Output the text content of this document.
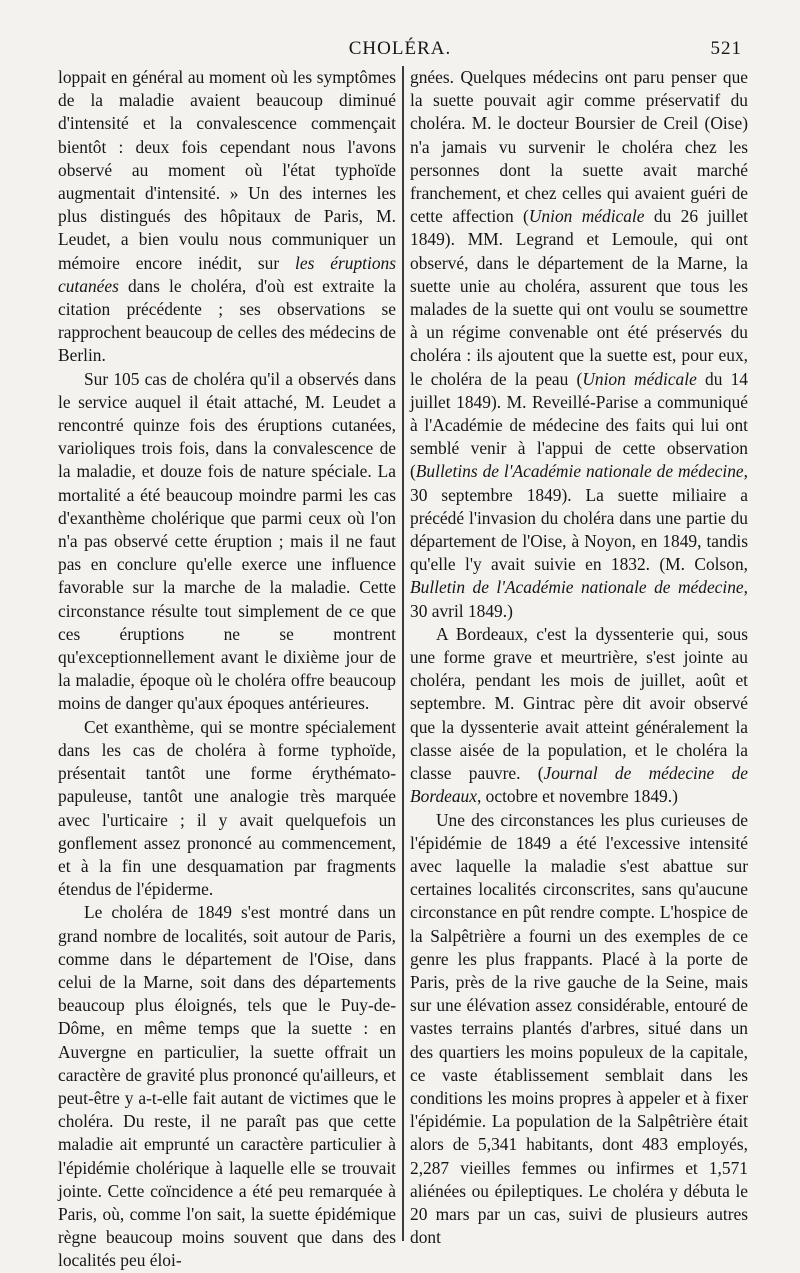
CHOLÉRA.	521

loppait en général au moment où les symptômes de la maladie avaient beaucoup diminué d'intensité et la convalescence commençait bientôt : deux fois cependant nous l'avons observé au moment où l'état typhoïde augmentait d'intensité. » Un des internes les plus distingués des hôpitaux de Paris, M. Leudet, a bien voulu nous communiquer un mémoire encore inédit, sur les éruptions cutanées dans le choléra, d'où est extraite la citation précédente ; ses observations se rapprochent beaucoup de celles des médecins de Berlin.

Sur 105 cas de choléra qu'il a observés dans le service auquel il était attaché, M. Leudet a rencontré quinze fois des éruptions cutanées, varioliques trois fois, dans la convalescence de la maladie, et douze fois de nature spéciale. La mortalité a été beaucoup moindre parmi les cas d'exanthème cholérique que parmi ceux où l'on n'a pas observé cette éruption ; mais il ne faut pas en conclure qu'elle exerce une influence favorable sur la marche de la maladie. Cette circonstance résulte tout simplement de ce que ces éruptions ne se montrent qu'exceptionnellement avant le dixième jour de la maladie, époque où le choléra offre beaucoup moins de danger qu'aux époques antérieures.

Cet exanthème, qui se montre spécialement dans les cas de choléra à forme typhoïde, présentait tantôt une forme érythémato-papuleuse, tantôt une analogie très marquée avec l'urticaire ; il y avait quelquefois un gonflement assez prononcé au commencement, et à la fin une desquamation par fragments étendus de l'épiderme.

Le choléra de 1849 s'est montré dans un grand nombre de localités, soit autour de Paris, comme dans le département de l'Oise, dans celui de la Marne, soit dans des départements beaucoup plus éloignés, tels que le Puy-de-Dôme, en même temps que la suette : en Auvergne en particulier, la suette offrait un caractère de gravité plus prononcé qu'ailleurs, et peut-être y a-t-elle fait autant de victimes que le choléra. Du reste, il ne paraît pas que cette maladie ait emprunté un caractère particulier à l'épidémie cholérique à laquelle elle se trouvait jointe. Cette coïncidence a été peu remarquée à Paris, où, comme l'on sait, la suette épidémique règne beaucoup moins souvent que dans des localités peu éloi-

gnées. Quelques médecins ont paru penser que la suette pouvait agir comme préservatif du choléra. M. le docteur Boursier de Creil (Oise) n'a jamais vu survenir le choléra chez les personnes dont la suette avait marché franchement, et chez celles qui avaient guéri de cette affection (Union médicale du 26 juillet 1849). MM. Legrand et Lemoule, qui ont observé, dans le département de la Marne, la suette unie au choléra, assurent que tous les malades de la suette qui ont voulu se soumettre à un régime convenable ont été préservés du choléra : ils ajoutent que la suette est, pour eux, le choléra de la peau (Union médicale du 14 juillet 1849). M. Reveillé-Parise a communiqué à l'Académie de médecine des faits qui lui ont semblé venir à l'appui de cette observation (Bulletins de l'Académie nationale de médecine, 30 septembre 1849). La suette miliaire a précédé l'invasion du choléra dans une partie du département de l'Oise, à Noyon, en 1849, tandis qu'elle l'y avait suivie en 1832. (M. Colson, Bulletin de l'Académie nationale de médecine, 30 avril 1849.)

A Bordeaux, c'est la dyssenterie qui, sous une forme grave et meurtrière, s'est jointe au choléra, pendant les mois de juillet, août et septembre. M. Gintrac père dit avoir observé que la dyssenterie avait atteint généralement la classe aisée de la population, et le choléra la classe pauvre. (Journal de médecine de Bordeaux, octobre et novembre 1849.)

Une des circonstances les plus curieuses de l'épidémie de 1849 a été l'excessive intensité avec laquelle la maladie s'est abattue sur certaines localités circonscrites, sans qu'aucune circonstance en pût rendre compte. L'hospice de la Salpêtrière a fourni un des exemples de ce genre les plus frappants. Placé à la porte de Paris, près de la rive gauche de la Seine, mais sur une élévation assez considérable, entouré de vastes terrains plantés d'arbres, situé dans un des quartiers les moins populeux de la capitale, ce vaste établissement semblait dans les conditions les moins propres à appeler et à fixer l'épidémie. La population de la Salpêtrière était alors de 5,341 habitants, dont 483 employés, 2,287 vieilles femmes ou infirmes et 1,571 aliénées ou épileptiques. Le choléra y débuta le 20 mars par un cas, suivi de plusieurs autres dont
